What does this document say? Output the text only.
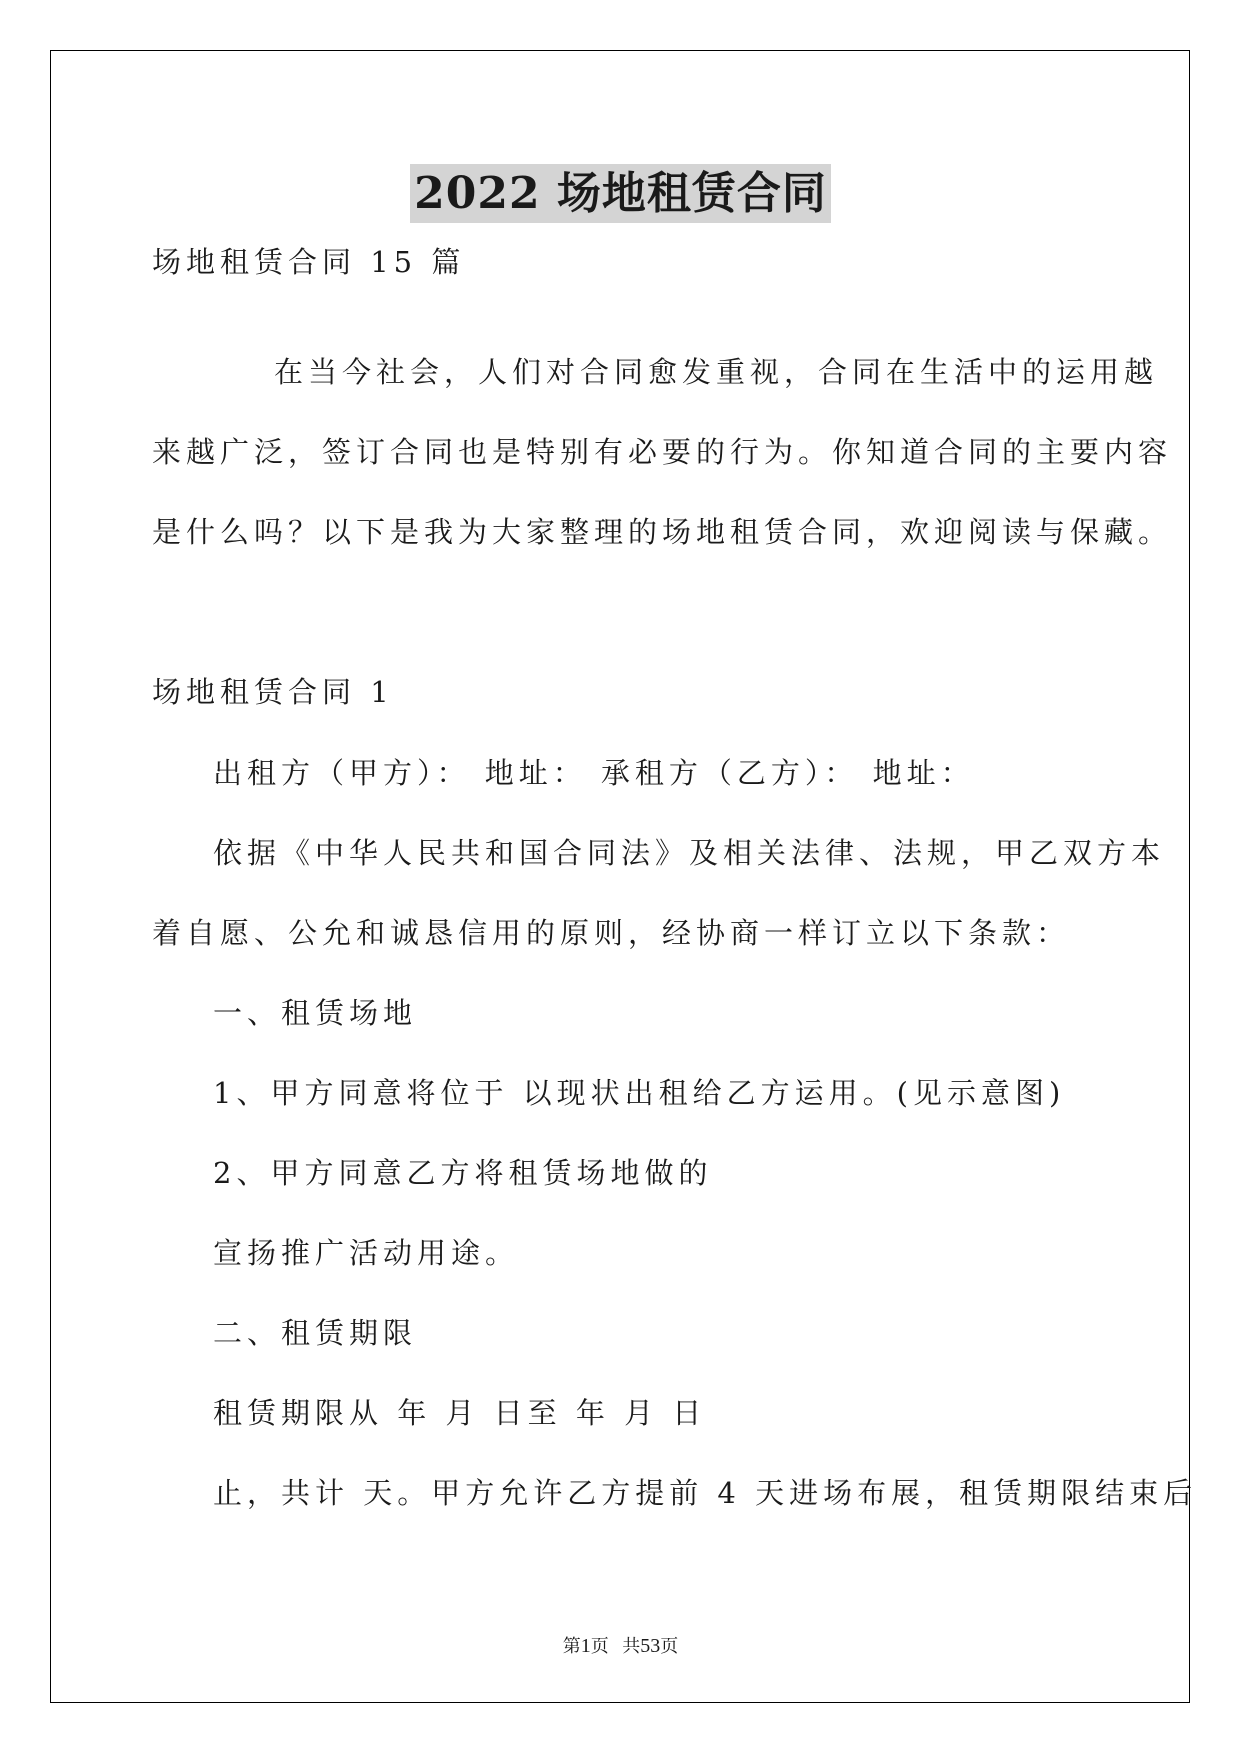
2022 场地租赁合同
场地租赁合同 15 篇
在当今社会，人们对合同愈发重视，合同在生活中的运用越
来越广泛，签订合同也是特别有必要的行为。你知道合同的主要内容
是什么吗？以下是我为大家整理的场地租赁合同，欢迎阅读与保藏。
场地租赁合同 1
出租方（甲方）： 地址： 承租方（乙方）： 地址：
依据《中华人民共和国合同法》及相关法律、法规，甲乙双方本
着自愿、公允和诚恳信用的原则，经协商一样订立以下条款：
一、租赁场地
1、甲方同意将位于 以现状出租给乙方运用。(见示意图)
2、甲方同意乙方将租赁场地做的
宣扬推广活动用途。
二、租赁期限
租赁期限从 年 月 日至 年 月 日
止，共计 天。甲方允许乙方提前 4 天进场布展，租赁期限结束后
第1页   共53页
